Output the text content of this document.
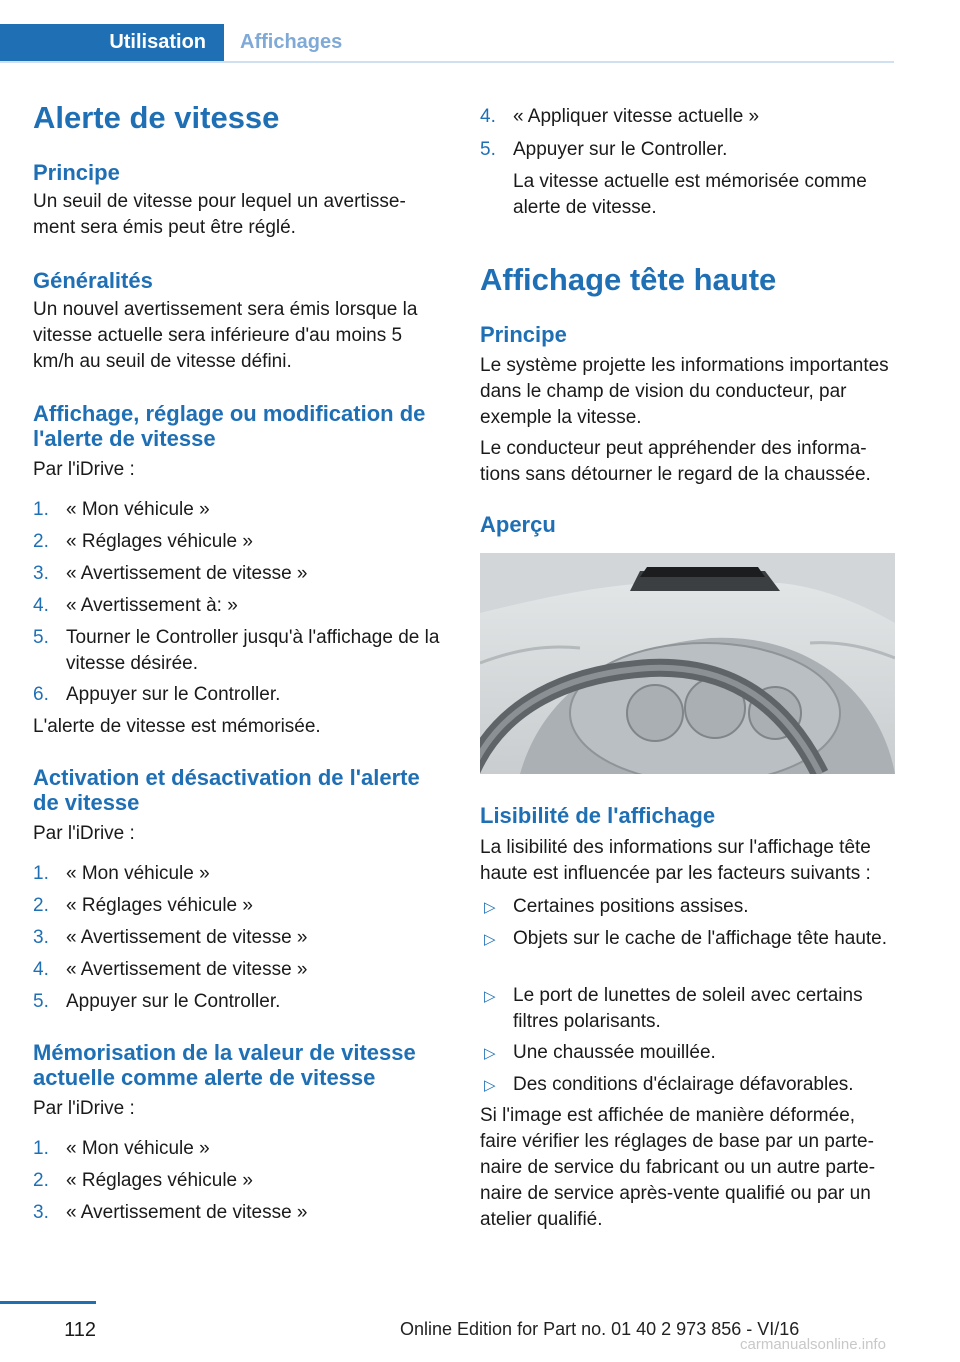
Utilisation	Affichages
Alerte de vitesse
Principe
Un seuil de vitesse pour lequel un avertissement sera émis peut être réglé.
Généralités
Un nouvel avertissement sera émis lorsque la vitesse actuelle sera inférieure d'au moins 5 km/h au seuil de vitesse défini.
Affichage, réglage ou modification de l'alerte de vitesse
Par l'iDrive :
1. « Mon véhicule »
2. « Réglages véhicule »
3. « Avertissement de vitesse »
4. « Avertissement à: »
5. Tourner le Controller jusqu'à l'affichage de la vitesse désirée.
6. Appuyer sur le Controller.
L'alerte de vitesse est mémorisée.
Activation et désactivation de l'alerte de vitesse
Par l'iDrive :
1. « Mon véhicule »
2. « Réglages véhicule »
3. « Avertissement de vitesse »
4. « Avertissement de vitesse »
5. Appuyer sur le Controller.
Mémorisation de la valeur de vitesse actuelle comme alerte de vitesse
Par l'iDrive :
1. « Mon véhicule »
2. « Réglages véhicule »
3. « Avertissement de vitesse »
4. « Appliquer vitesse actuelle »
5. Appuyer sur le Controller.
La vitesse actuelle est mémorisée comme alerte de vitesse.
Affichage tête haute
Principe
Le système projette les informations importantes dans le champ de vision du conducteur, par exemple la vitesse.
Le conducteur peut appréhender des informations sans détourner le regard de la chaussée.
Aperçu
Lisibilité de l'affichage
La lisibilité des informations sur l'affichage tête haute est influencée par les facteurs suivants :
▷ Certaines positions assises.
▷ Objets sur le cache de l'affichage tête haute.
▷ Le port de lunettes de soleil avec certains filtres polarisants.
▷ Une chaussée mouillée.
▷ Des conditions d'éclairage défavorables.
Si l'image est affichée de manière déformée, faire vérifier les réglages de base par un partenaire de service du fabricant ou un autre partenaire de service après-vente qualifié ou par un atelier qualifié.
112	Online Edition for Part no. 01 40 2 973 856 - VI/16
carmanualsonline.info
